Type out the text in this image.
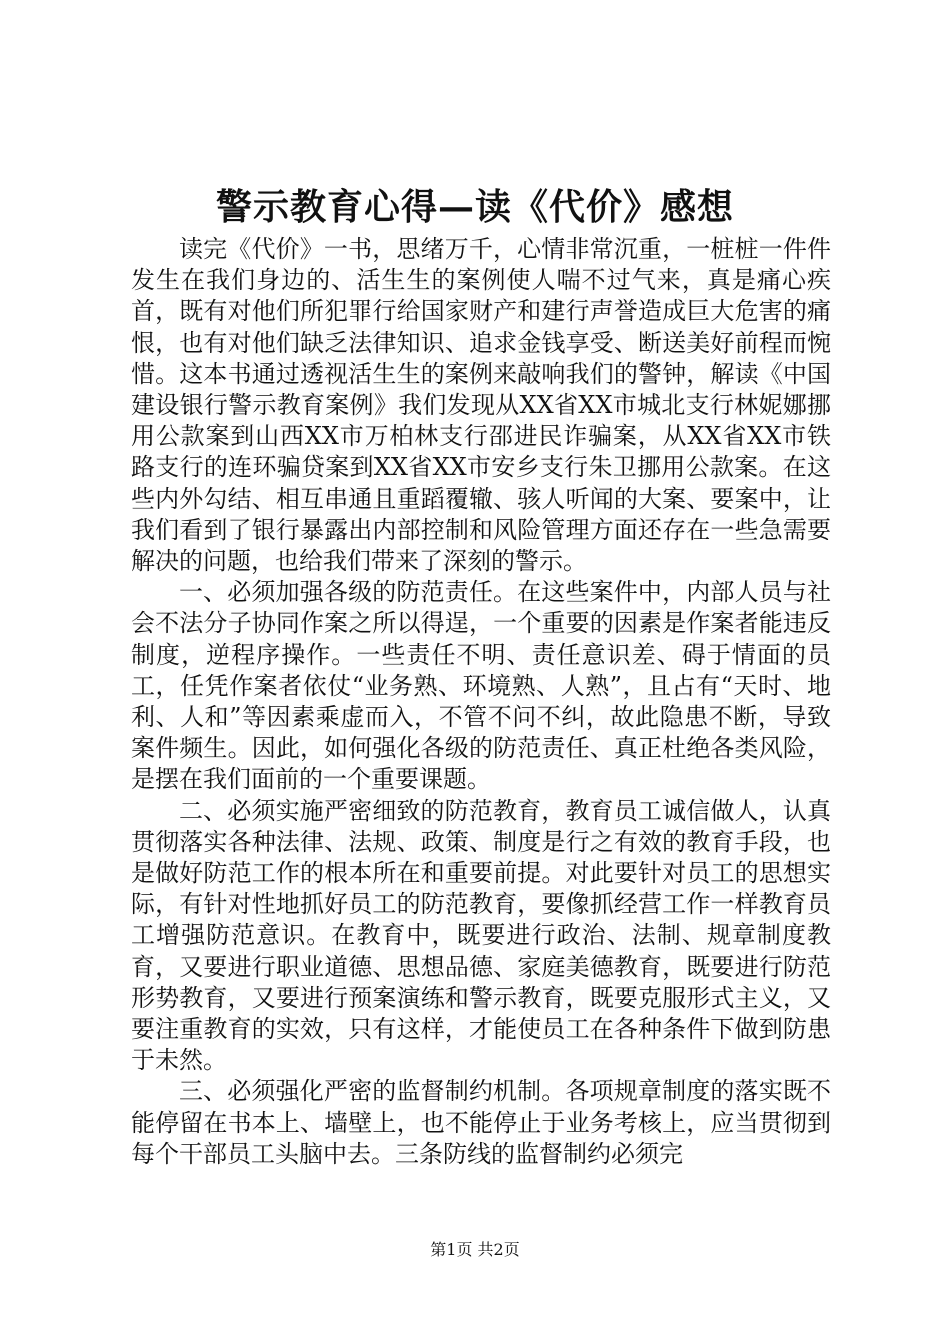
警示教育心得—读《代价》感想

读完《代价》一书，思绪万千，心情非常沉重，一桩桩一件件发生在我们身边的、活生生的案例使人喘不过气来，真是痛心疾首，既有对他们所犯罪行给国家财产和建行声誉造成巨大危害的痛恨，也有对他们缺乏法律知识、追求金钱享受、断送美好前程而惋惜。这本书通过透视活生生的案例来敲响我们的警钟，解读《中国建设银行警示教育案例》我们发现从XX省XX市城北支行林妮娜挪用公款案到山西XX市万柏林支行邵进民诈骗案，从XX省XX市铁路支行的连环骗贷案到XX省XX市安乡支行朱卫挪用公款案。在这些内外勾结、相互串通且重蹈覆辙、骇人听闻的大案、要案中，让我们看到了银行暴露出内部控制和风险管理方面还存在一些急需要解决的问题，也给我们带来了深刻的警示。

一、必须加强各级的防范责任。在这些案件中，内部人员与社会不法分子协同作案之所以得逞，一个重要的因素是作案者能违反制度，逆程序操作。一些责任不明、责任意识差、碍于情面的员工，任凭作案者依仗“业务熟、环境熟、人熟”，且占有“天时、地利、人和”等因素乘虚而入，不管不问不纠，故此隐患不断，导致案件频生。因此，如何强化各级的防范责任、真正杜绝各类风险，是摆在我们面前的一个重要课题。

二、必须实施严密细致的防范教育，教育员工诚信做人，认真贯彻落实各种法律、法规、政策、制度是行之有效的教育手段，也是做好防范工作的根本所在和重要前提。对此要针对员工的思想实际，有针对性地抓好员工的防范教育，要像抓经营工作一样教育员工增强防范意识。在教育中，既要进行政治、法制、规章制度教育，又要进行职业道德、思想品德、家庭美德教育，既要进行防范形势教育，又要进行预案演练和警示教育，既要克服形式主义，又要注重教育的实效，只有这样，才能使员工在各种条件下做到防患于未然。

三、必须强化严密的监督制约机制。各项规章制度的落实既不能停留在书本上、墙壁上，也不能停止于业务考核上，应当贯彻到每个干部员工头脑中去。三条防线的监督制约必须完

第1页 共2页
